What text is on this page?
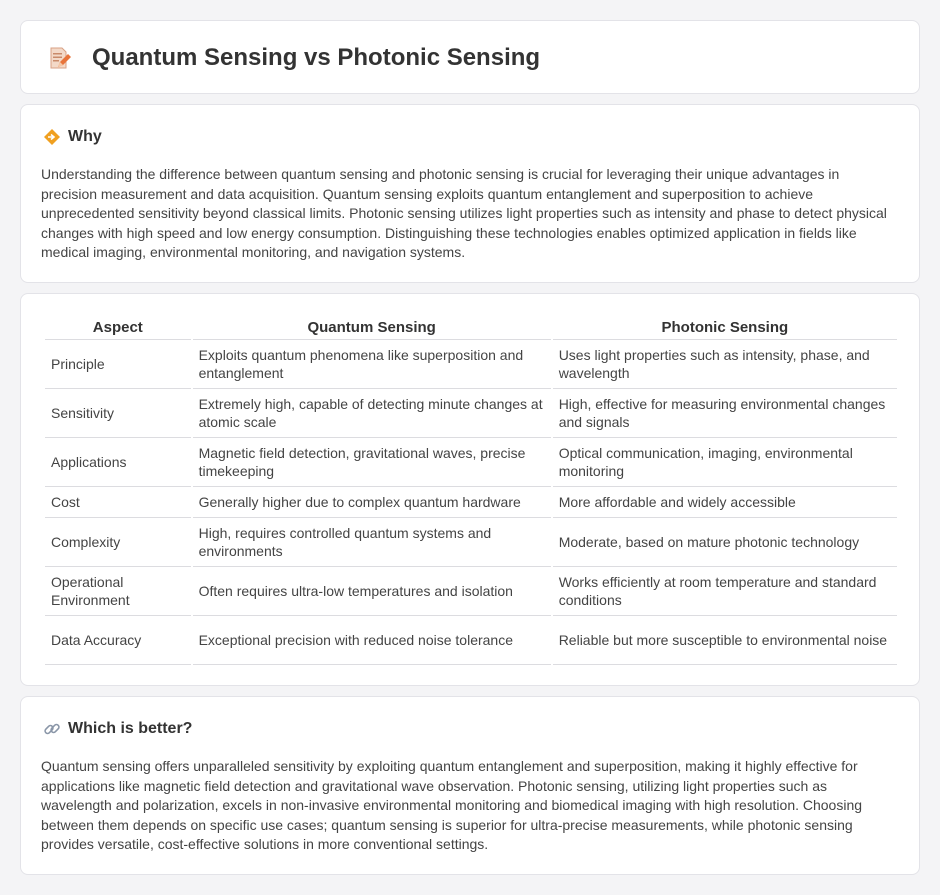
Quantum Sensing vs Photonic Sensing
Why

Understanding the difference between quantum sensing and photonic sensing is crucial for leveraging their unique advantages in precision measurement and data acquisition. Quantum sensing exploits quantum entanglement and superposition to achieve unprecedented sensitivity beyond classical limits. Photonic sensing utilizes light properties such as intensity and phase to detect physical changes with high speed and low energy consumption. Distinguishing these technologies enables optimized application in fields like medical imaging, environmental monitoring, and navigation systems.

Aspect	Quantum Sensing	Photonic Sensing
Principle	Exploits quantum phenomena like superposition and entanglement	Uses light properties such as intensity, phase, and wavelength
Sensitivity	Extremely high, capable of detecting minute changes at atomic scale	High, effective for measuring environmental changes and signals
Applications	Magnetic field detection, gravitational waves, precise timekeeping	Optical communication, imaging, environmental monitoring
Cost	Generally higher due to complex quantum hardware	More affordable and widely accessible
Complexity	High, requires controlled quantum systems and environments	Moderate, based on mature photonic technology
Operational Environment	Often requires ultra-low temperatures and isolation	Works efficiently at room temperature and standard conditions
Data Accuracy	Exceptional precision with reduced noise tolerance	Reliable but more susceptible to environmental noise
Which is better?

Quantum sensing offers unparalleled sensitivity by exploiting quantum entanglement and superposition, making it highly effective for applications like magnetic field detection and gravitational wave observation. Photonic sensing, utilizing light properties such as wavelength and polarization, excels in non-invasive environmental monitoring and biomedical imaging with high resolution. Choosing between them depends on specific use cases; quantum sensing is superior for ultra-precise measurements, while photonic sensing provides versatile, cost-effective solutions in more conventional settings.
